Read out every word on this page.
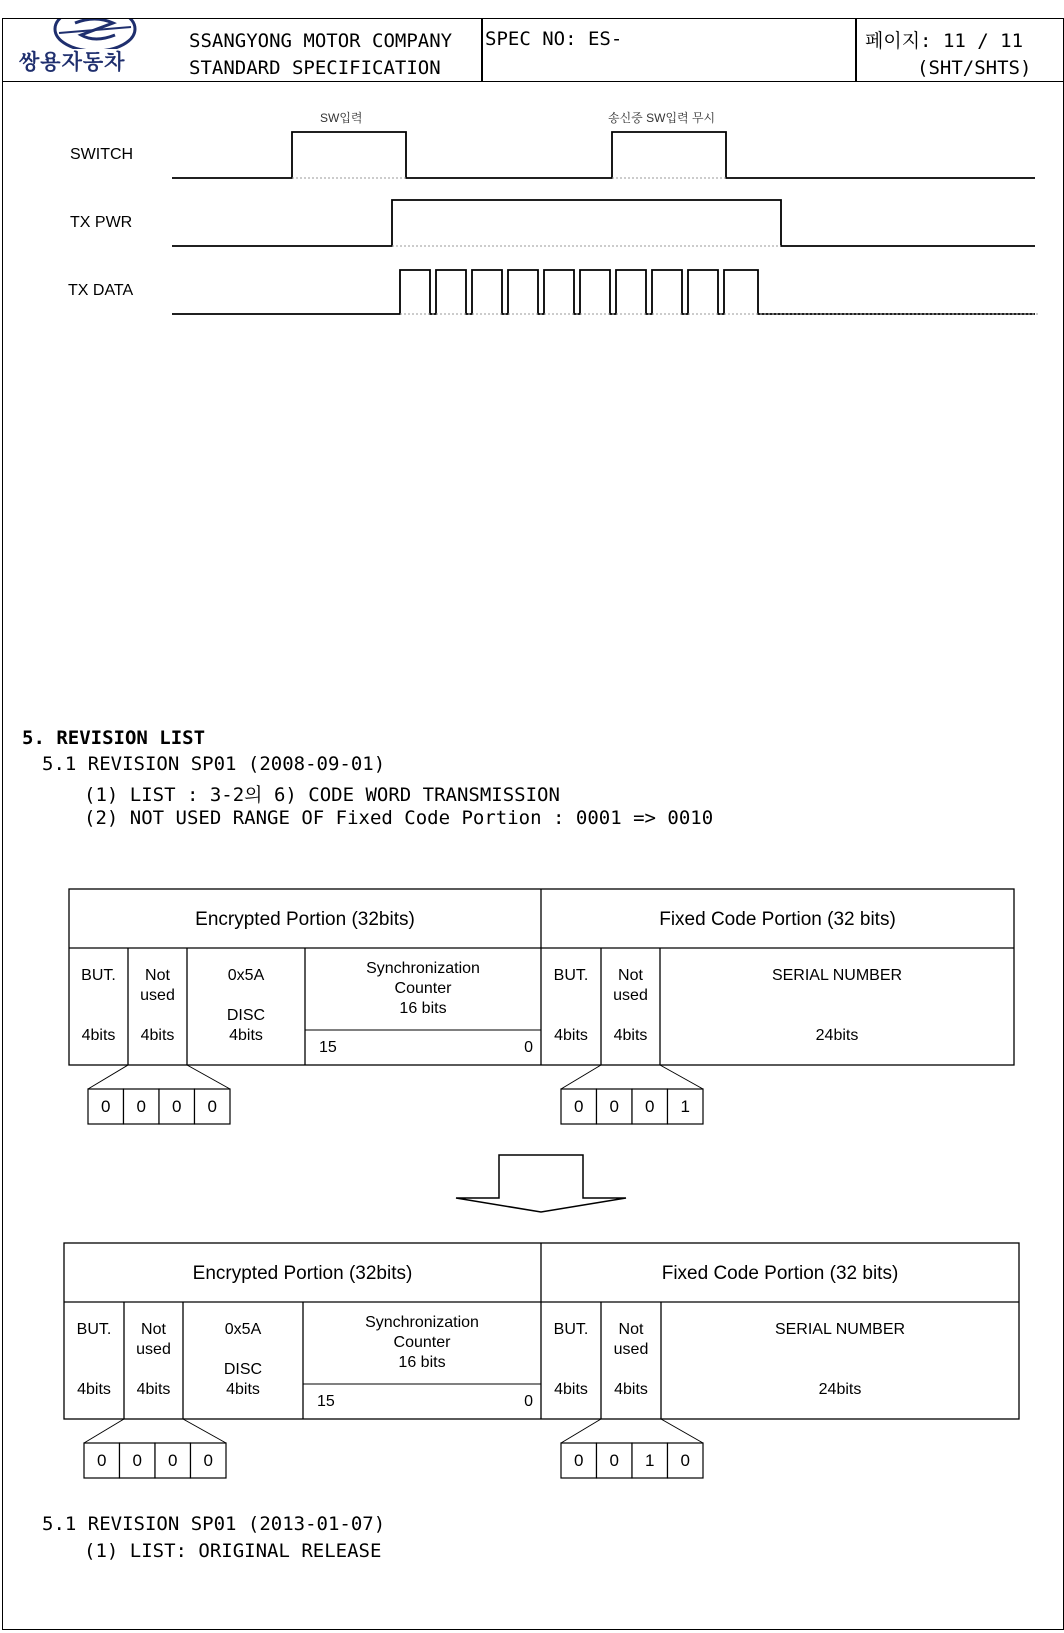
쌍용자동차
SSANGYONG MOTOR COMPANY
STANDARD SPECIFICATION
SPEC NO: ES-	페이지: 11 / 11
(SHT/SHTS)
SWITCH
TX PWR
TX DATA
SW입력	송신중 SW입력 무시
5. REVISION LIST
5.1 REVISION SP01 (2008-09-01)
(1) LIST : 3-2의 6) CODE WORD TRANSMISSION
(2) NOT USED RANGE OF Fixed Code Portion : 0001 => 0010
Encrypted Portion (32bits)	Fixed Code Portion (32 bits)
BUT.
4bits
Not
used
4bits
0x5A
DISC
4bits
Synchronization
Counter
16 bits
15	0
BUT.
4bits
Not
used
4bits
SERIAL NUMBER
24bits
0 0 0 0	0 0 0 1
Encrypted Portion (32bits)	Fixed Code Portion (32 bits)
BUT.
4bits
Not
used
4bits
0x5A
DISC
4bits
Synchronization
Counter
16 bits
15	0
BUT.
4bits
Not
used
4bits
SERIAL NUMBER
24bits
0 0 0 0	0 0 1 0
5.1 REVISION SP01 (2013-01-07)
(1) LIST: ORIGINAL RELEASE
